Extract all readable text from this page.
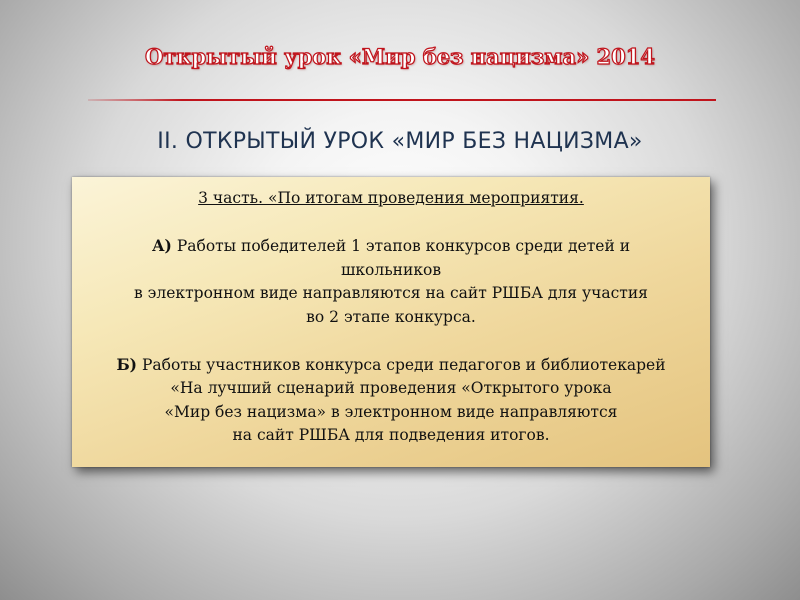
Открытый урок «Мир без нацизма» 2014
II. ОТКРЫТЫЙ УРОК «МИР БЕЗ НАЦИЗМА»
3 часть. «По итогам проведения мероприятия.
А) Работы победителей 1 этапов конкурсов среди детей и
школьников
в электронном виде направляются на сайт РШБА для участия
во 2 этапе конкурса.
Б) Работы участников конкурса среди педагогов и библиотекарей
«На лучший сценарий проведения «Открытого урока
«Мир без нацизма» в электронном виде направляются
на сайт РШБА для подведения итогов.
